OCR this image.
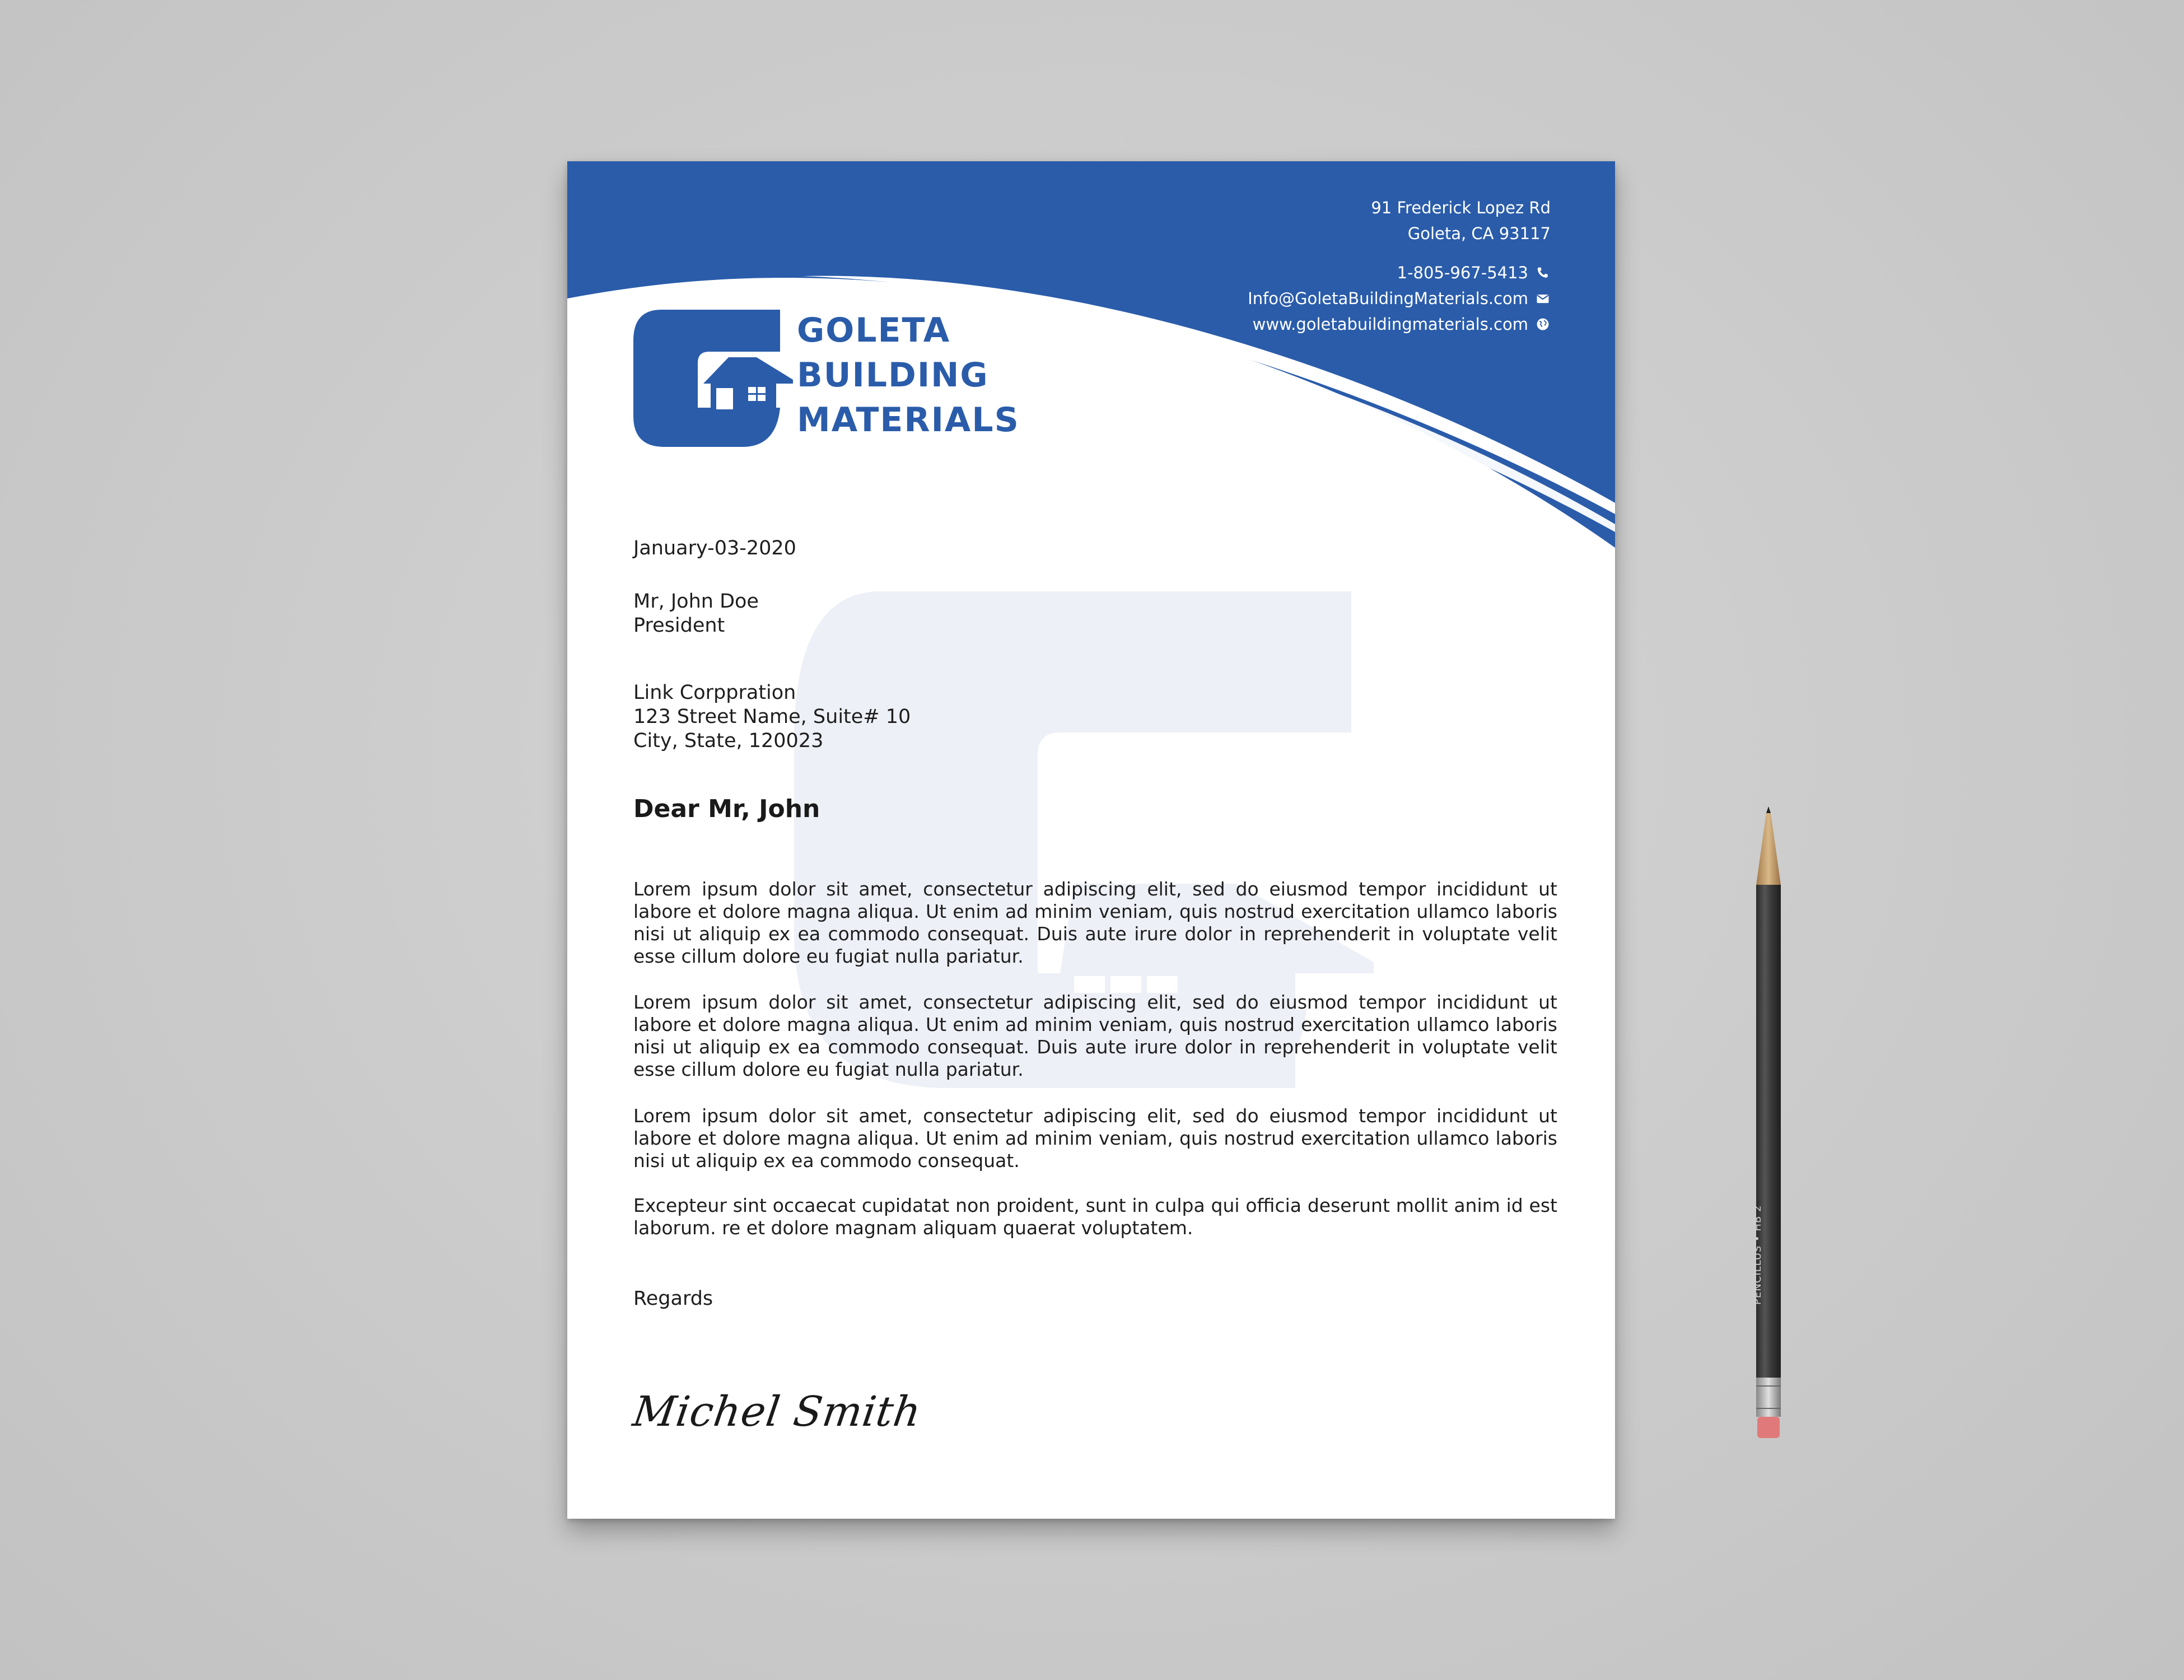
91 Frederick Lopez Rd
Goleta, CA 93117
1-805-967-5413
Info@GoletaBuildingMaterials.com
www.goletabuildingmaterials.com
GOLETA
BUILDING
MATERIALS
January-03-2020
Mr, John Doe
President
Link Corppration
123 Street Name, Suite# 10
City, State, 120023
Dear Mr, John
Lorem ipsum dolor sit amet, consectetur adipiscing elit, sed do eiusmod tempor incididunt ut labore et dolore magna aliqua. Ut enim ad minim veniam, quis nostrud exercitation ullamco laboris nisi ut aliquip ex ea commodo consequat. Duis aute irure dolor in reprehenderit in voluptate velit esse cillum dolore eu fugiat nulla pariatur.
Lorem ipsum dolor sit amet, consectetur adipiscing elit, sed do eiusmod tempor incididunt ut labore et dolore magna aliqua. Ut enim ad minim veniam, quis nostrud exercitation ullamco laboris nisi ut aliquip ex ea commodo consequat. Duis aute irure dolor in reprehenderit in voluptate velit esse cillum dolore eu fugiat nulla pariatur.
Lorem ipsum dolor sit amet, consectetur adipiscing elit, sed do eiusmod tempor incididunt ut labore et dolore magna aliqua. Ut enim ad minim veniam, quis nostrud exercitation ullamco laboris nisi ut aliquip ex ea commodo consequat.
Excepteur sint occaecat cupidatat non proident, sunt in culpa qui officia deserunt mollit anim id est laborum. re et dolore magnam aliquam quaerat voluptatem.
Regards
Michel Smith
PENCILLUS • HB 2
